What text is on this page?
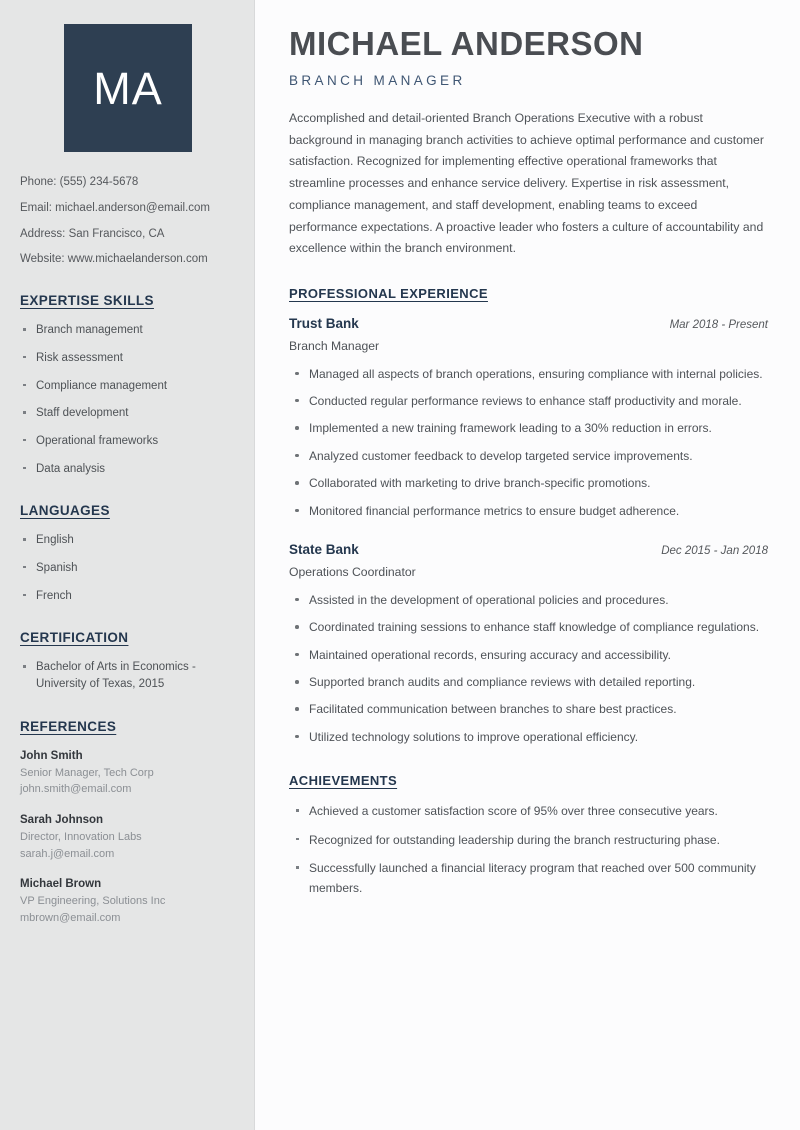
MA
Phone: (555) 234-5678
Email: michael.anderson@email.com
Address: San Francisco, CA
Website: www.michaelanderson.com
EXPERTISE SKILLS
Branch management
Risk assessment
Compliance management
Staff development
Operational frameworks
Data analysis
LANGUAGES
English
Spanish
French
CERTIFICATION
Bachelor of Arts in Economics - University of Texas, 2015
REFERENCES
John Smith
Senior Manager, Tech Corp
john.smith@email.com
Sarah Johnson
Director, Innovation Labs
sarah.j@email.com
Michael Brown
VP Engineering, Solutions Inc
mbrown@email.com
MICHAEL ANDERSON
BRANCH MANAGER

Accomplished and detail-oriented Branch Operations Executive with a robust background in managing branch activities to achieve optimal performance and customer satisfaction. Recognized for implementing effective operational frameworks that streamline processes and enhance service delivery. Expertise in risk assessment, compliance management, and staff development, enabling teams to exceed performance expectations. A proactive leader who fosters a culture of accountability and excellence within the branch environment.

PROFESSIONAL EXPERIENCE
Trust Bank	Mar 2018 - Present
Branch Manager
Managed all aspects of branch operations, ensuring compliance with internal policies.
Conducted regular performance reviews to enhance staff productivity and morale.
Implemented a new training framework leading to a 30% reduction in errors.
Analyzed customer feedback to develop targeted service improvements.
Collaborated with marketing to drive branch-specific promotions.
Monitored financial performance metrics to ensure budget adherence.
State Bank	Dec 2015 - Jan 2018
Operations Coordinator
Assisted in the development of operational policies and procedures.
Coordinated training sessions to enhance staff knowledge of compliance regulations.
Maintained operational records, ensuring accuracy and accessibility.
Supported branch audits and compliance reviews with detailed reporting.
Facilitated communication between branches to share best practices.
Utilized technology solutions to improve operational efficiency.
ACHIEVEMENTS
Achieved a customer satisfaction score of 95% over three consecutive years.
Recognized for outstanding leadership during the branch restructuring phase.
Successfully launched a financial literacy program that reached over 500 community members.
